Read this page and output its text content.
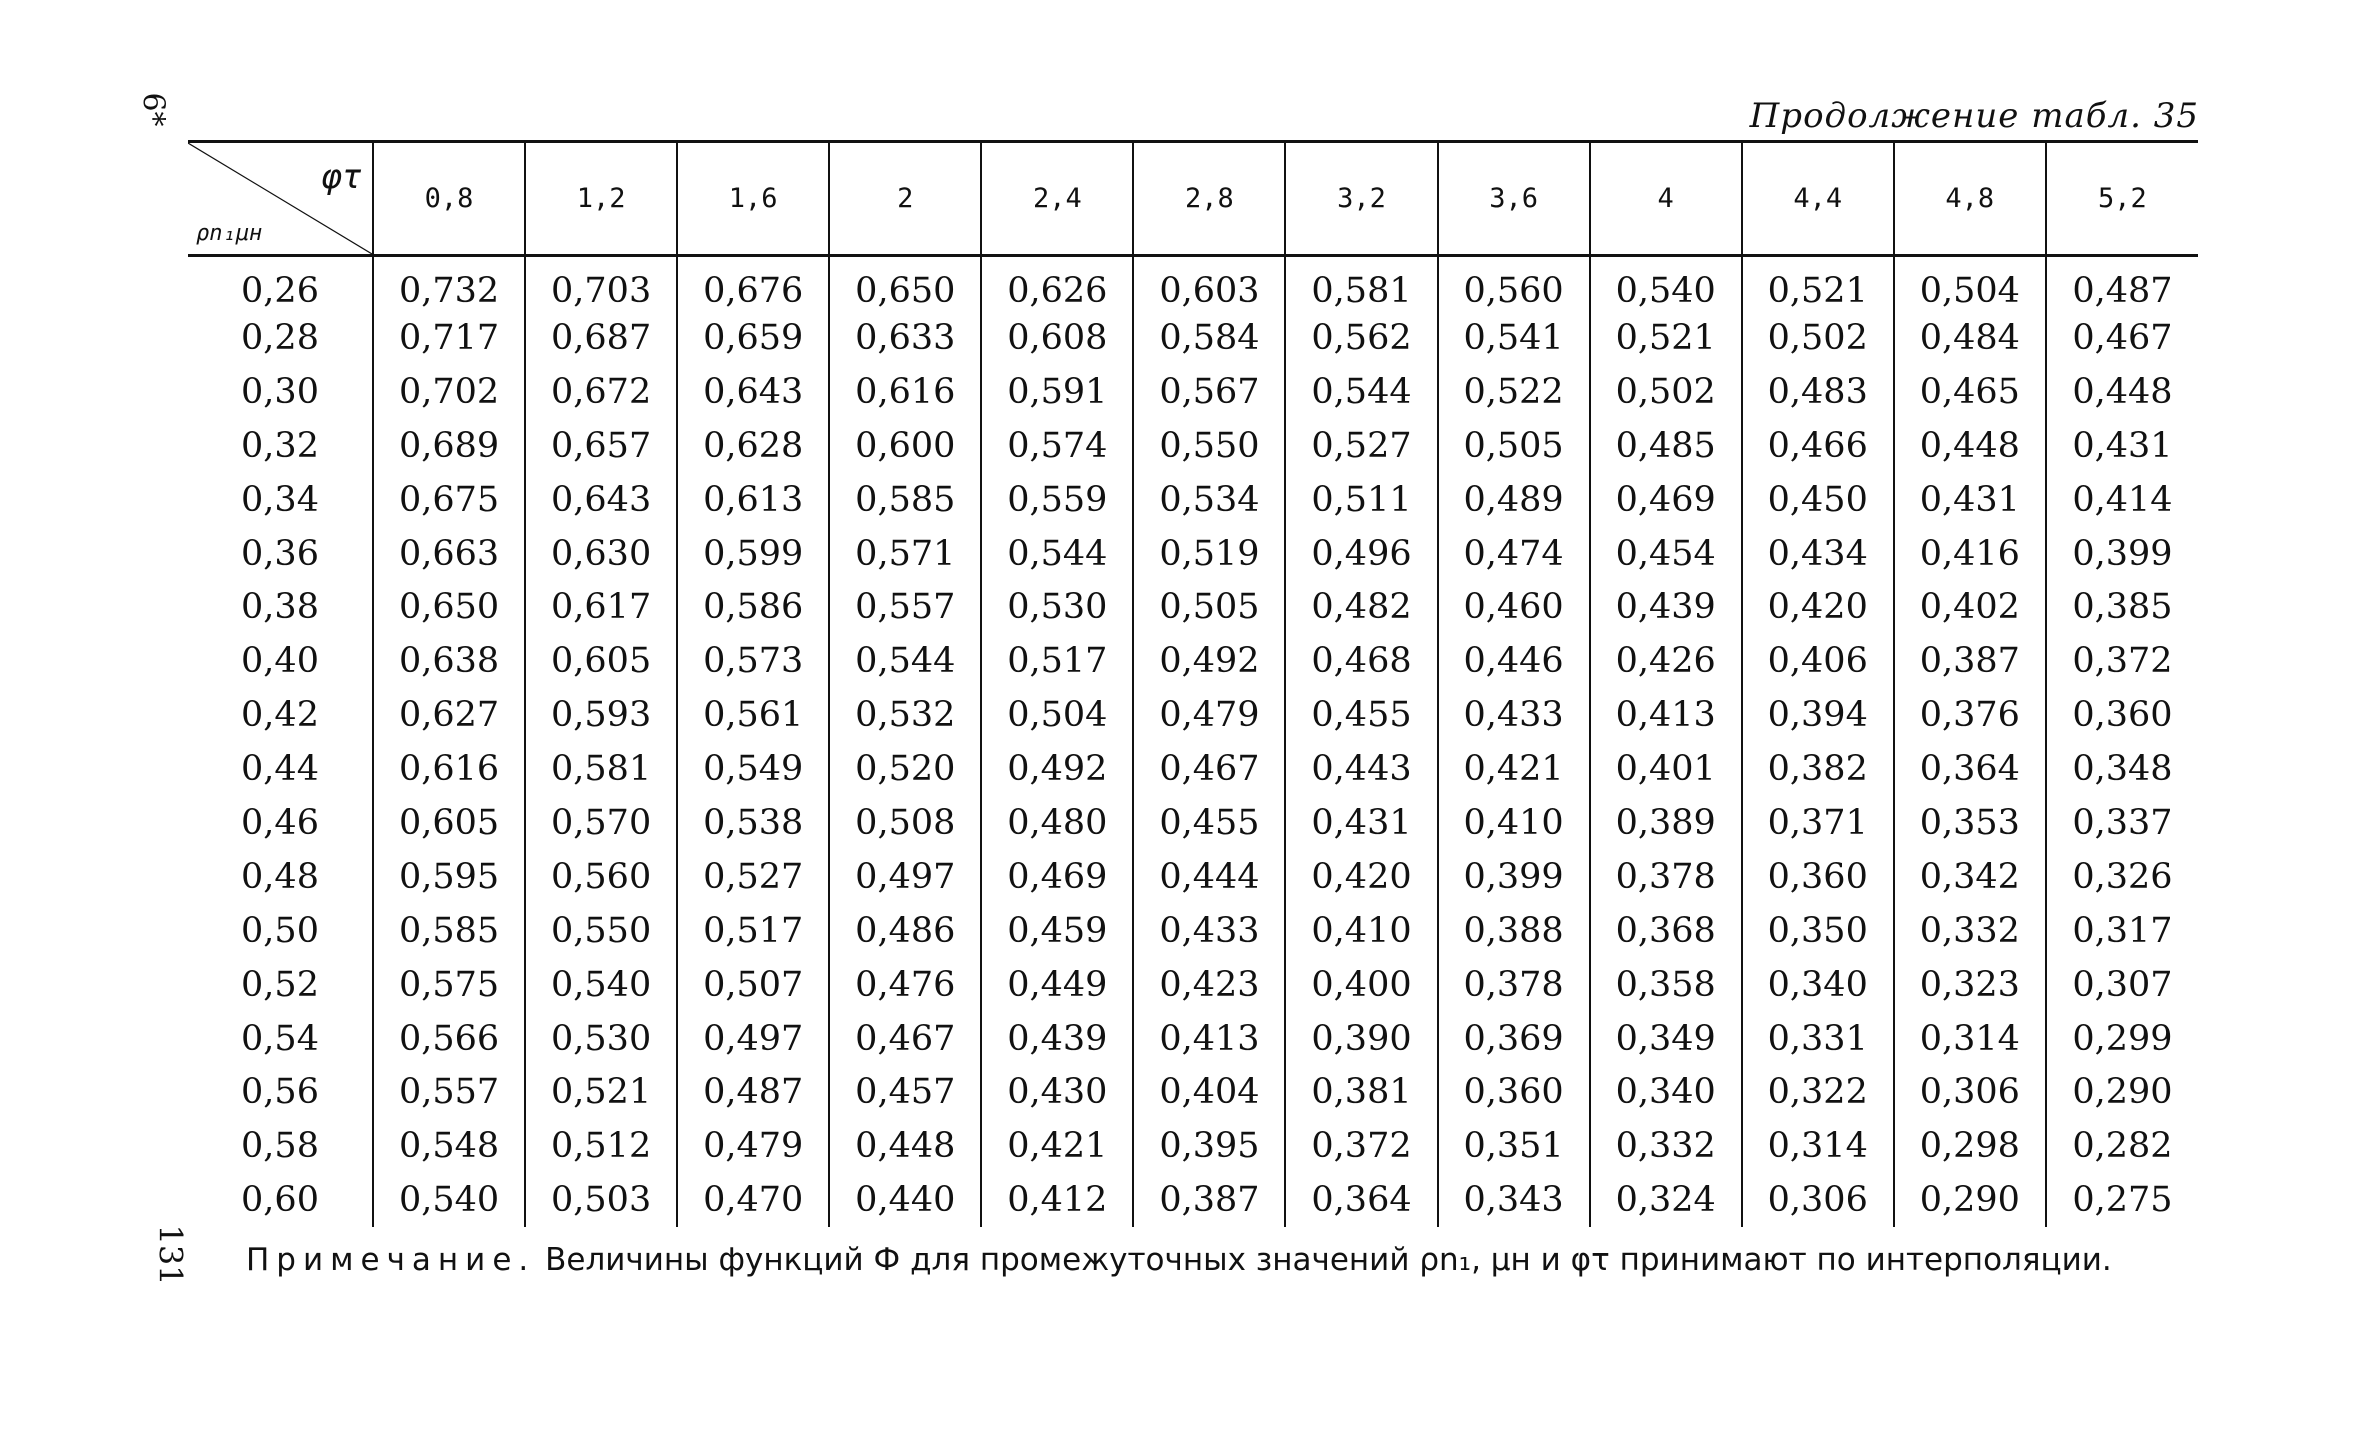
6*
131
Продолжение табл. 35
φτ
ρn₁μн	0,8	1,2	1,6	2	2,4	2,8	3,2	3,6	4	4,4	4,8	5,2
0,26	0,732	0,703	0,676	0,650	0,626	0,603	0,581	0,560	0,540	0,521	0,504	0,487
0,28	0,717	0,687	0,659	0,633	0,608	0,584	0,562	0,541	0,521	0,502	0,484	0,467
0,30	0,702	0,672	0,643	0,616	0,591	0,567	0,544	0,522	0,502	0,483	0,465	0,448
0,32	0,689	0,657	0,628	0,600	0,574	0,550	0,527	0,505	0,485	0,466	0,448	0,431
0,34	0,675	0,643	0,613	0,585	0,559	0,534	0,511	0,489	0,469	0,450	0,431	0,414
0,36	0,663	0,630	0,599	0,571	0,544	0,519	0,496	0,474	0,454	0,434	0,416	0,399
0,38	0,650	0,617	0,586	0,557	0,530	0,505	0,482	0,460	0,439	0,420	0,402	0,385
0,40	0,638	0,605	0,573	0,544	0,517	0,492	0,468	0,446	0,426	0,406	0,387	0,372
0,42	0,627	0,593	0,561	0,532	0,504	0,479	0,455	0,433	0,413	0,394	0,376	0,360
0,44	0,616	0,581	0,549	0,520	0,492	0,467	0,443	0,421	0,401	0,382	0,364	0,348
0,46	0,605	0,570	0,538	0,508	0,480	0,455	0,431	0,410	0,389	0,371	0,353	0,337
0,48	0,595	0,560	0,527	0,497	0,469	0,444	0,420	0,399	0,378	0,360	0,342	0,326
0,50	0,585	0,550	0,517	0,486	0,459	0,433	0,410	0,388	0,368	0,350	0,332	0,317
0,52	0,575	0,540	0,507	0,476	0,449	0,423	0,400	0,378	0,358	0,340	0,323	0,307
0,54	0,566	0,530	0,497	0,467	0,439	0,413	0,390	0,369	0,349	0,331	0,314	0,299
0,56	0,557	0,521	0,487	0,457	0,430	0,404	0,381	0,360	0,340	0,322	0,306	0,290
0,58	0,548	0,512	0,479	0,448	0,421	0,395	0,372	0,351	0,332	0,314	0,298	0,282
0,60	0,540	0,503	0,470	0,440	0,412	0,387	0,364	0,343	0,324	0,306	0,290	0,275
Примечание. Величины функций Ф для промежуточных значений ρn₁, μн и φτ принимают по интерполяции.
